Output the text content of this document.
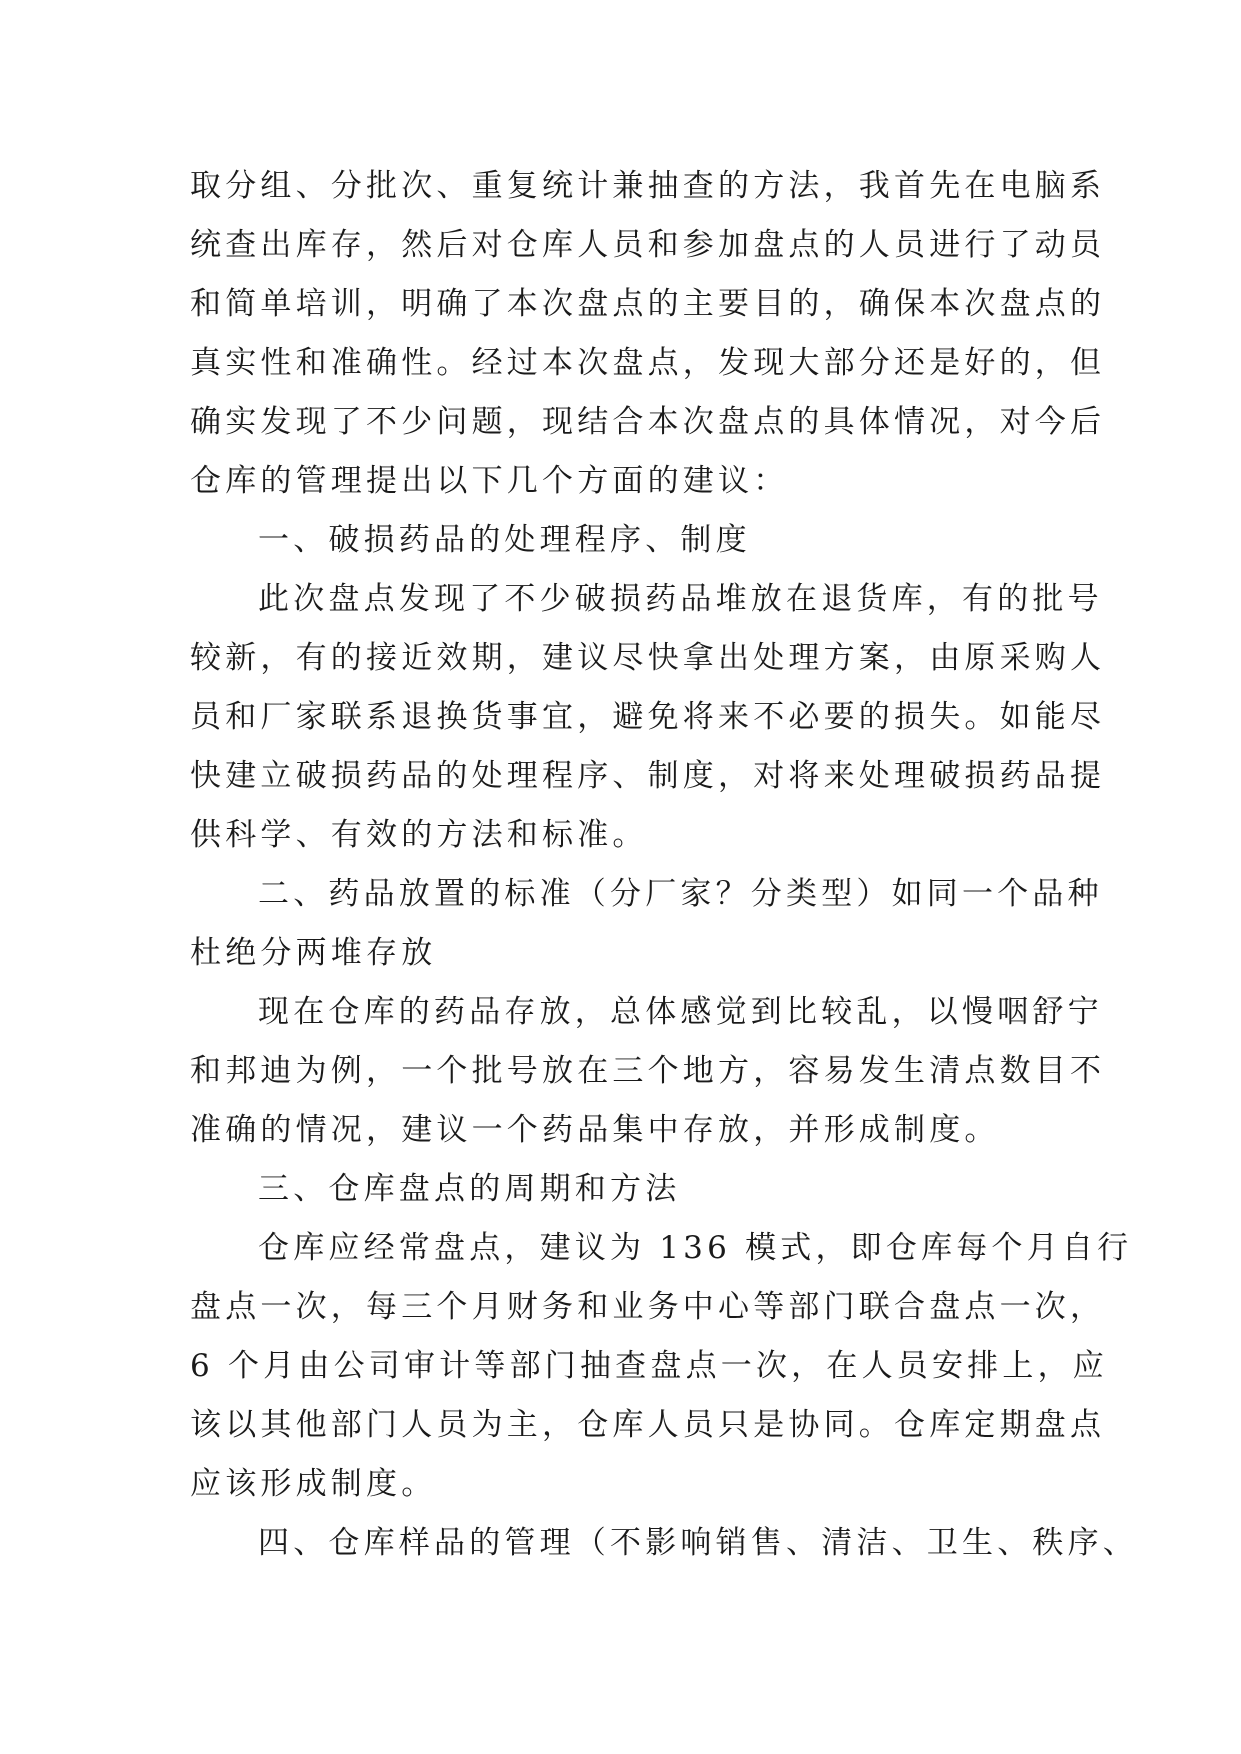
取分组、分批次、重复统计兼抽查的方法，我首先在电脑系
统查出库存，然后对仓库人员和参加盘点的人员进行了动员
和简单培训，明确了本次盘点的主要目的，确保本次盘点的
真实性和准确性。经过本次盘点，发现大部分还是好的，但
确实发现了不少问题，现结合本次盘点的具体情况，对今后
仓库的管理提出以下几个方面的建议：
一、破损药品的处理程序、制度
此次盘点发现了不少破损药品堆放在退货库，有的批号
较新，有的接近效期，建议尽快拿出处理方案，由原采购人
员和厂家联系退换货事宜，避免将来不必要的损失。如能尽
快建立破损药品的处理程序、制度，对将来处理破损药品提
供科学、有效的方法和标准。
二、药品放置的标准（分厂家？分类型）如同一个品种
杜绝分两堆存放
现在仓库的药品存放，总体感觉到比较乱，以慢咽舒宁
和邦迪为例，一个批号放在三个地方，容易发生清点数目不
准确的情况，建议一个药品集中存放，并形成制度。
三、仓库盘点的周期和方法
仓库应经常盘点，建议为 136 模式，即仓库每个月自行
盘点一次，每三个月财务和业务中心等部门联合盘点一次，
6 个月由公司审计等部门抽查盘点一次，在人员安排上，应
该以其他部门人员为主，仓库人员只是协同。仓库定期盘点
应该形成制度。
四、仓库样品的管理（不影响销售、清洁、卫生、秩序、
